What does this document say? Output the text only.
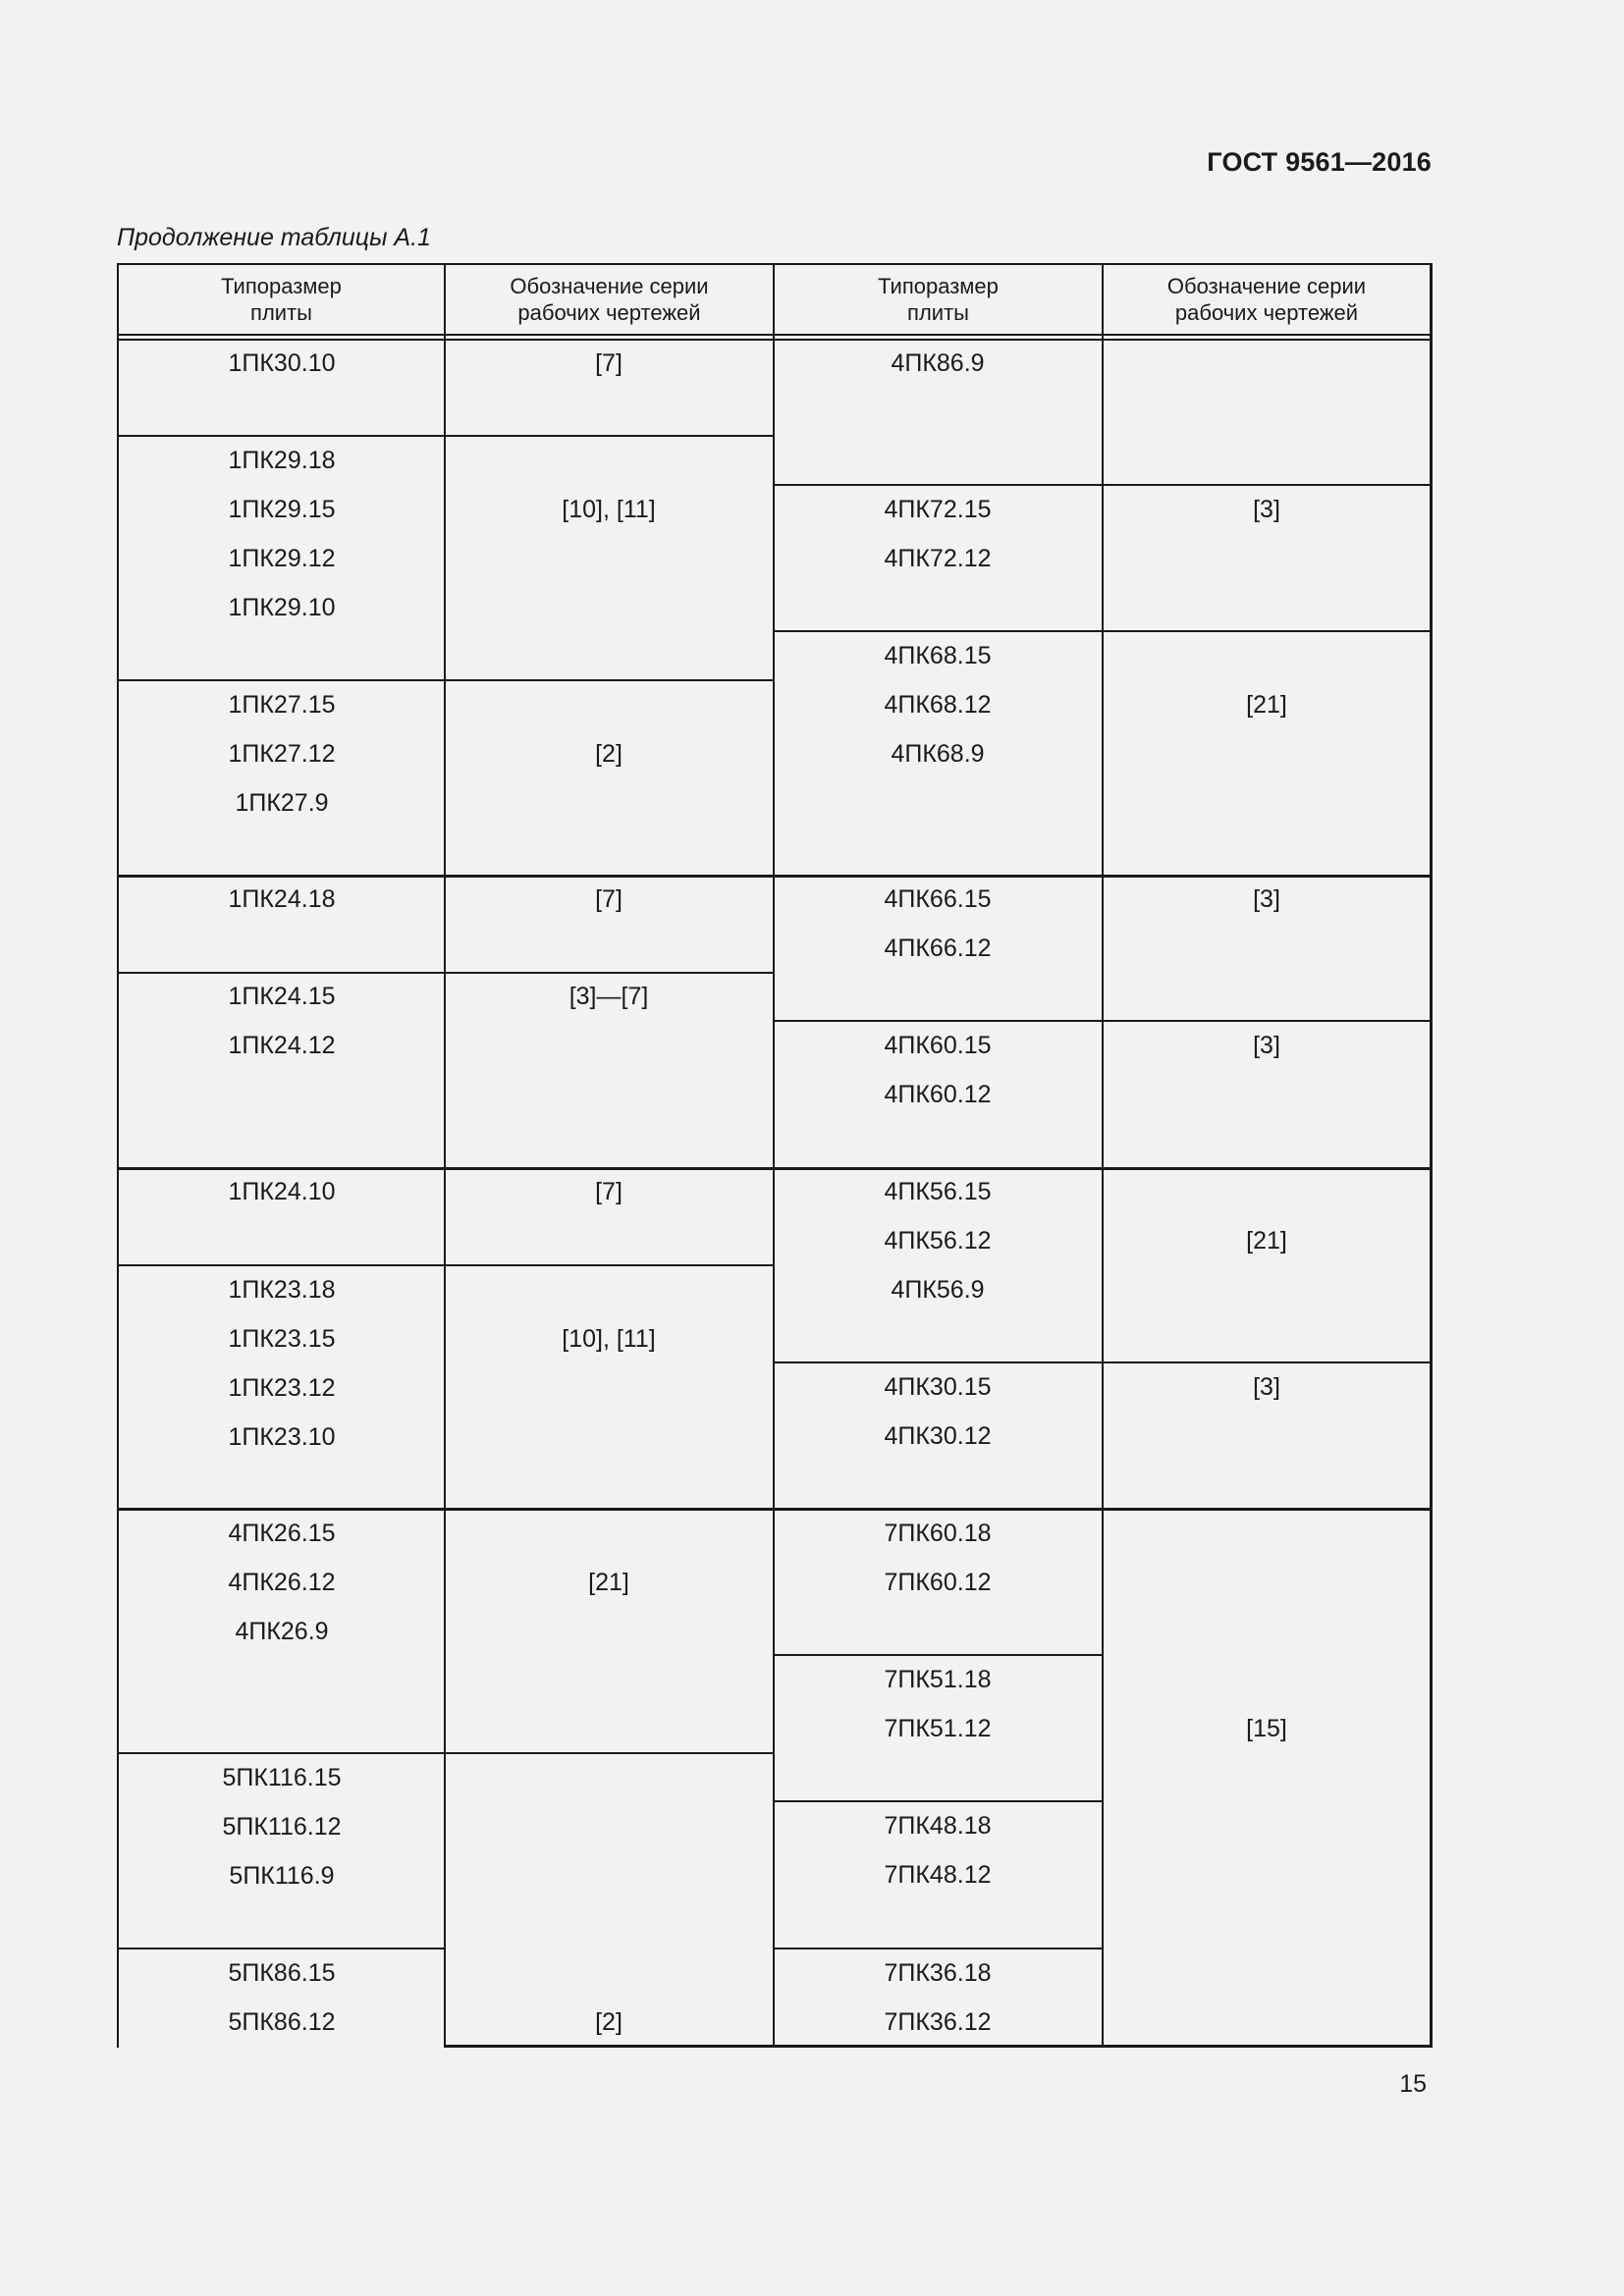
ГОСТ 9561—2016
Продолжение таблицы А.1
15
Типоразмер
плиты
Обозначение серии
рабочих чертежей
Типоразмер
плиты
Обозначение серии
рабочих чертежей
1ПК30.10
1ПК29.18
1ПК29.15
1ПК29.12
1ПК29.10
1ПК27.15
1ПК27.12
1ПК27.9
1ПК24.18
1ПК24.15
1ПК24.12
1ПК24.10
1ПК23.18
1ПК23.15
1ПК23.12
1ПК23.10
4ПК26.15
4ПК26.12
4ПК26.9
5ПК116.15
5ПК116.12
5ПК116.9
5ПК86.15
5ПК86.12
[7]
[10], [11]
[2]
[7]
[3]—[7]
[7]
[10], [11]
[21]
[2]
4ПК86.9
4ПК72.15
4ПК72.12
4ПК68.15
4ПК68.12
4ПК68.9
4ПК66.15
4ПК66.12
4ПК60.15
4ПК60.12
4ПК56.15
4ПК56.12
4ПК56.9
4ПК30.15
4ПК30.12
7ПК60.18
7ПК60.12
7ПК51.18
7ПК51.12
7ПК48.18
7ПК48.12
7ПК36.18
7ПК36.12
[3]
[21]
[3]
[3]
[21]
[3]
[15]
